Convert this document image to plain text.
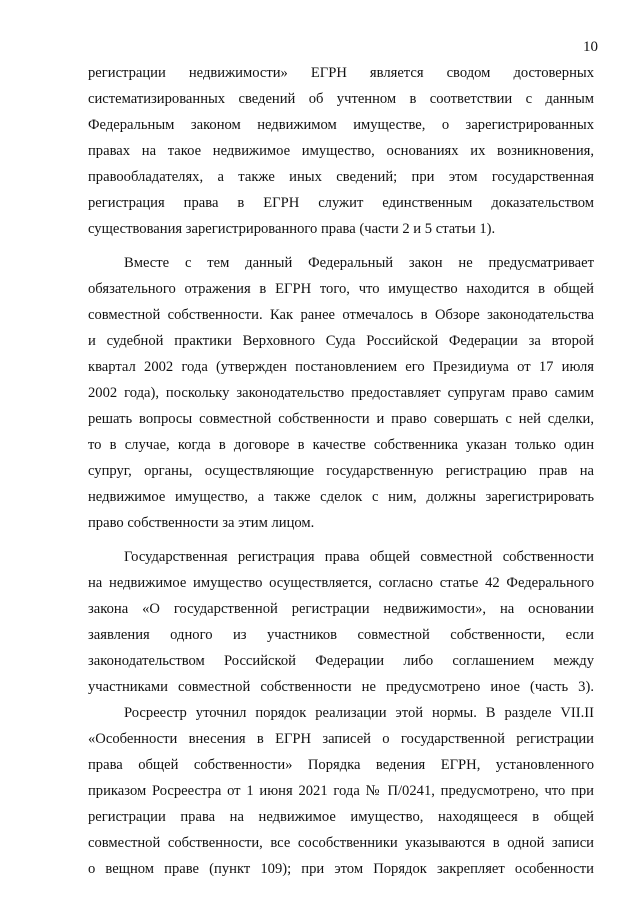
10
регистрации недвижимости» ЕГРН является сводом достоверных
систематизированных сведений об учтенном в соответствии с данным
Федеральным законом недвижимом имуществе, о зарегистрированных
правах на такое недвижимое имущество, основаниях их возникновения,
правообладателях, а также иных сведений; при этом государственная
регистрация права в ЕГРН служит единственным доказательством
существования зарегистрированного права (части 2 и 5 статьи 1).
Вместе с тем данный Федеральный закон не предусматривает
обязательного отражения в ЕГРН того, что имущество находится в общей
совместной собственности. Как ранее отмечалось в Обзоре законодательства
и судебной практики Верховного Суда Российской Федерации за второй
квартал 2002 года (утвержден постановлением его Президиума от 17 июля
2002 года), поскольку законодательство предоставляет супругам право самим
решать вопросы совместной собственности и право совершать с ней сделки,
то в случае, когда в договоре в качестве собственника указан только один
супруг, органы, осуществляющие государственную регистрацию прав на
недвижимое имущество, а также сделок с ним, должны зарегистрировать
право собственности за этим лицом.
Государственная регистрация права общей совместной собственности
на недвижимое имущество осуществляется, согласно статье 42 Федерального
закона «О государственной регистрации недвижимости», на основании
заявления одного из участников совместной собственности, если
законодательством Российской Федерации либо соглашением между
участниками совместной собственности не предусмотрено иное (часть 3).
Росреестр уточнил порядок реализации этой нормы. В разделе VII.II
«Особенности внесения в ЕГРН записей о государственной регистрации
права общей собственности» Порядка ведения ЕГРН, установленного
приказом Росреестра от 1 июня 2021 года № П/0241, предусмотрено, что при
регистрации права на недвижимое имущество, находящееся в общей
совместной собственности, все сособственники указываются в одной записи
о вещном праве (пункт 109); при этом Порядок закрепляет особенности
